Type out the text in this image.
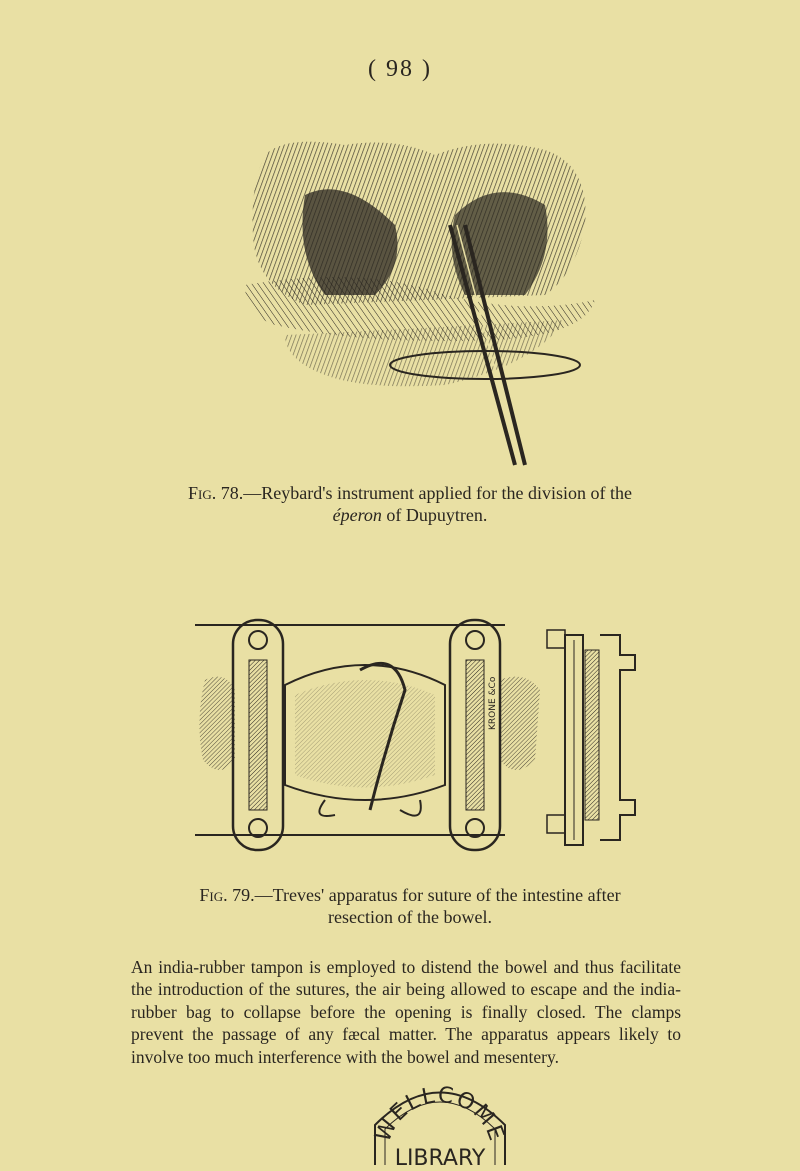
( 98 )
Fig. 78.—Reybard's instrument applied for the division of the
éperon of Dupuytren.
KRONE &Co
Fig. 79.—Treves' apparatus for suture of the intestine after resection of the bowel.

An india-rubber tampon is employed to distend the bowel and thus facilitate the introduction of the sutures, the air being allowed to escape and the india-rubber bag to collapse before the opening is finally closed. The clamps prevent the passage of any fæcal matter. The apparatus appears likely to involve too much interference with the bowel and mesentery.

WELLCOME
LIBRARY
